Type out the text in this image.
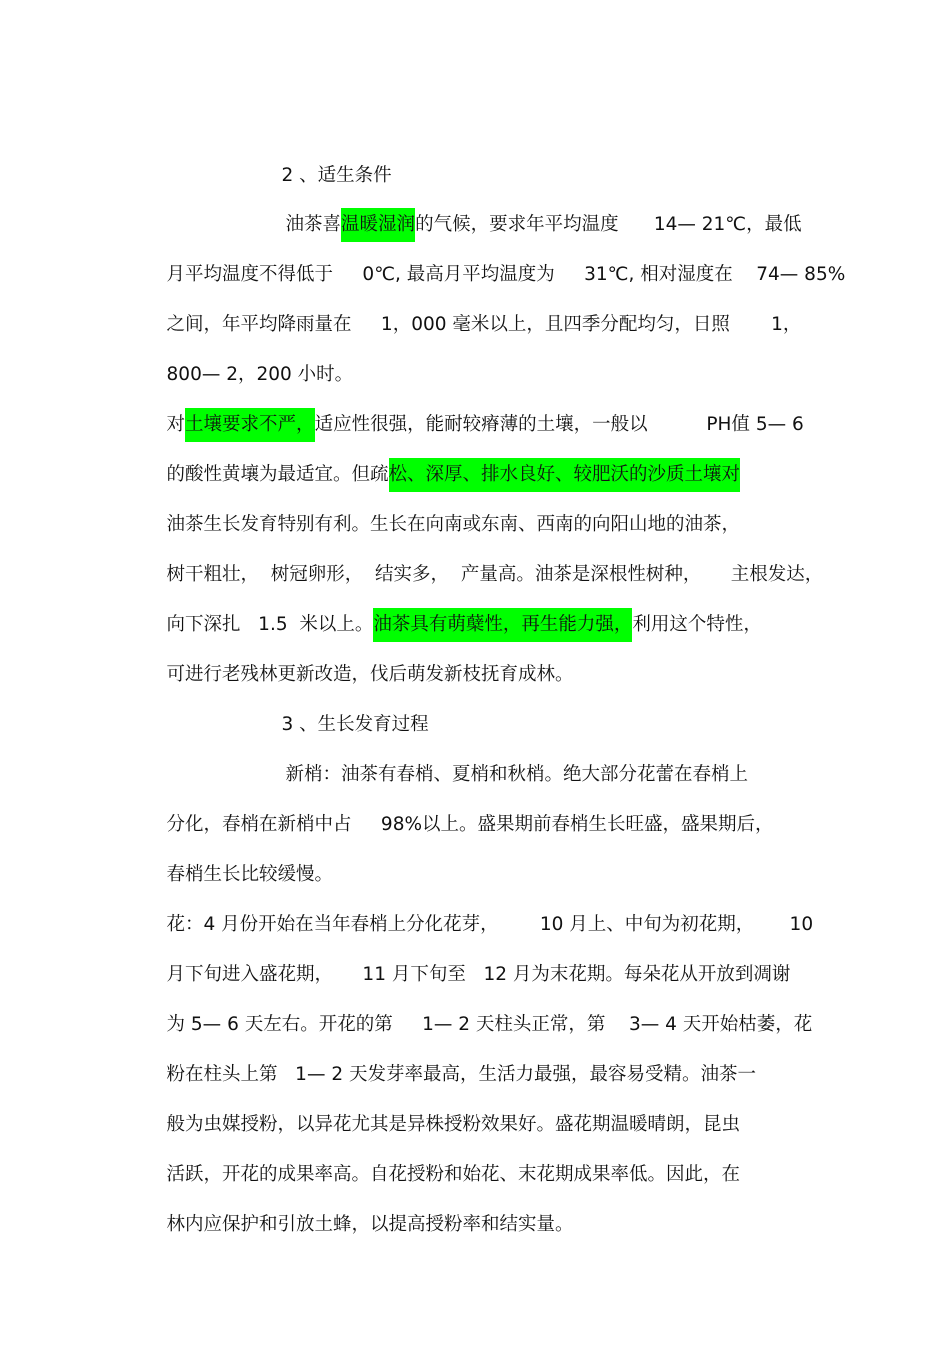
2 、适生条件

油茶喜温暖湿润的气候，要求年平均温度      14— 21℃，最低

月平均温度不得低于     0℃, 最高月平均温度为     31℃, 相对湿度在    74— 85%

之间，年平均降雨量在     1，000 毫米以上，且四季分配均匀，日照       1，

800— 2，200 小时。

对土壤要求不严，适应性很强，能耐较瘠薄的土壤，一般以          PH值 5— 6

的酸性黄壤为最适宜。但疏松、深厚、排水良好、较肥沃的沙质土壤对

油茶生长发育特别有利。生长在向南或东南、西南的向阳山地的油茶，

树干粗壮，  树冠卵形，  结实多，  产量高。油茶是深根性树种，     主根发达，

向下深扎   1.5  米以上。油茶具有萌蘖性，再生能力强，利用这个特性，

可进行老残林更新改造，伐后萌发新枝抚育成林。

3 、生长发育过程

新梢：油茶有春梢、夏梢和秋梢。绝大部分花蕾在春梢上

分化，春梢在新梢中占     98%以上。盛果期前春梢生长旺盛，盛果期后，

春梢生长比较缓慢。

花：4 月份开始在当年春梢上分化花芽，       10 月上、中旬为初花期，      10

月下旬进入盛花期，     11 月下旬至   12 月为末花期。每朵花从开放到凋谢

为 5— 6 天左右。开花的第     1— 2 天柱头正常，第    3— 4 天开始枯萎，花

粉在柱头上第   1— 2 天发芽率最高，生活力最强，最容易受精。油茶一

般为虫媒授粉，以异花尤其是异株授粉效果好。盛花期温暖晴朗，昆虫

活跃，开花的成果率高。自花授粉和始花、末花期成果率低。因此，在

林内应保护和引放土蜂，以提高授粉率和结实量。
